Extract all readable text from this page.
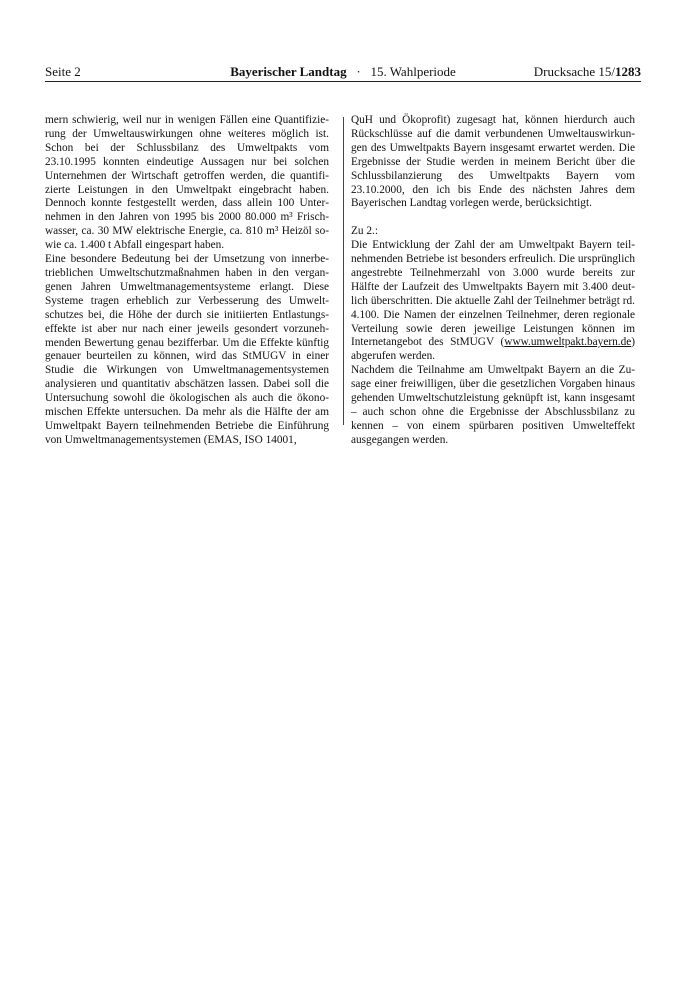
Seite 2	Bayerischer Landtag · 15. Wahlperiode	Drucksache 15/1283

mern schwierig, weil nur in wenigen Fällen eine Quantifizierung der Umweltauswirkungen ohne weiteres möglich ist. Schon bei der Schlussbilanz des Umweltpakts vom 23.10.1995 konnten eindeutige Aussagen nur bei solchen Unternehmen der Wirtschaft getroffen werden, die quantifizierte Leistungen in den Umweltpakt eingebracht haben. Dennoch konnte festgestellt werden, dass allein 100 Unternehmen in den Jahren von 1995 bis 2000 80.000 m³ Frischwasser, ca. 30 MW elektrische Energie, ca. 810 m³ Heizöl sowie ca. 1.400 t Abfall eingespart haben.

Eine besondere Bedeutung bei der Umsetzung von innerbetrieblichen Umweltschutzmaßnahmen haben in den vergangenen Jahren Umweltmanagementsysteme erlangt. Diese Systeme tragen erheblich zur Verbesserung des Umweltschutzes bei, die Höhe der durch sie initiierten Entlastungseffekte ist aber nur nach einer jeweils gesondert vorzunehmenden Bewertung genau bezifferbar. Um die Effekte künftig genauer beurteilen zu können, wird das StMUGV in einer Studie die Wirkungen von Umweltmanagementsystemen analysieren und quantitativ abschätzen lassen. Dabei soll die Untersuchung sowohl die ökologischen als auch die ökonomischen Effekte untersuchen. Da mehr als die Hälfte der am Umweltpakt Bayern teilnehmenden Betriebe die Einführung von Umweltmanagementsystemen (EMAS, ISO 14001,

QuH und Ökoprofit) zugesagt hat, können hierdurch auch Rückschlüsse auf die damit verbundenen Umweltauswirkungen des Umweltpakts Bayern insgesamt erwartet werden. Die Ergebnisse der Studie werden in meinem Bericht über die Schlussbilanzierung des Umweltpakts Bayern vom 23.10.2000, den ich bis Ende des nächsten Jahres dem Bayerischen Landtag vorlegen werde, berücksichtigt.

Zu 2.:

Die Entwicklung der Zahl der am Umweltpakt Bayern teilnehmenden Betriebe ist besonders erfreulich. Die ursprünglich angestrebte Teilnehmerzahl von 3.000 wurde bereits zur Hälfte der Laufzeit des Umweltpakts Bayern mit 3.400 deutlich überschritten. Die aktuelle Zahl der Teilnehmer beträgt rd. 4.100. Die Namen der einzelnen Teilnehmer, deren regionale Verteilung sowie deren jeweilige Leistungen können im Internetangebot des StMUGV (www.umweltpakt.bayern.de) abgerufen werden.

Nachdem die Teilnahme am Umweltpakt Bayern an die Zusage einer freiwilligen, über die gesetzlichen Vorgaben hinaus gehenden Umweltschutzleistung geknüpft ist, kann insgesamt – auch schon ohne die Ergebnisse der Abschlussbilanz zu kennen – von einem spürbaren positiven Umwelteffekt ausgegangen werden.
